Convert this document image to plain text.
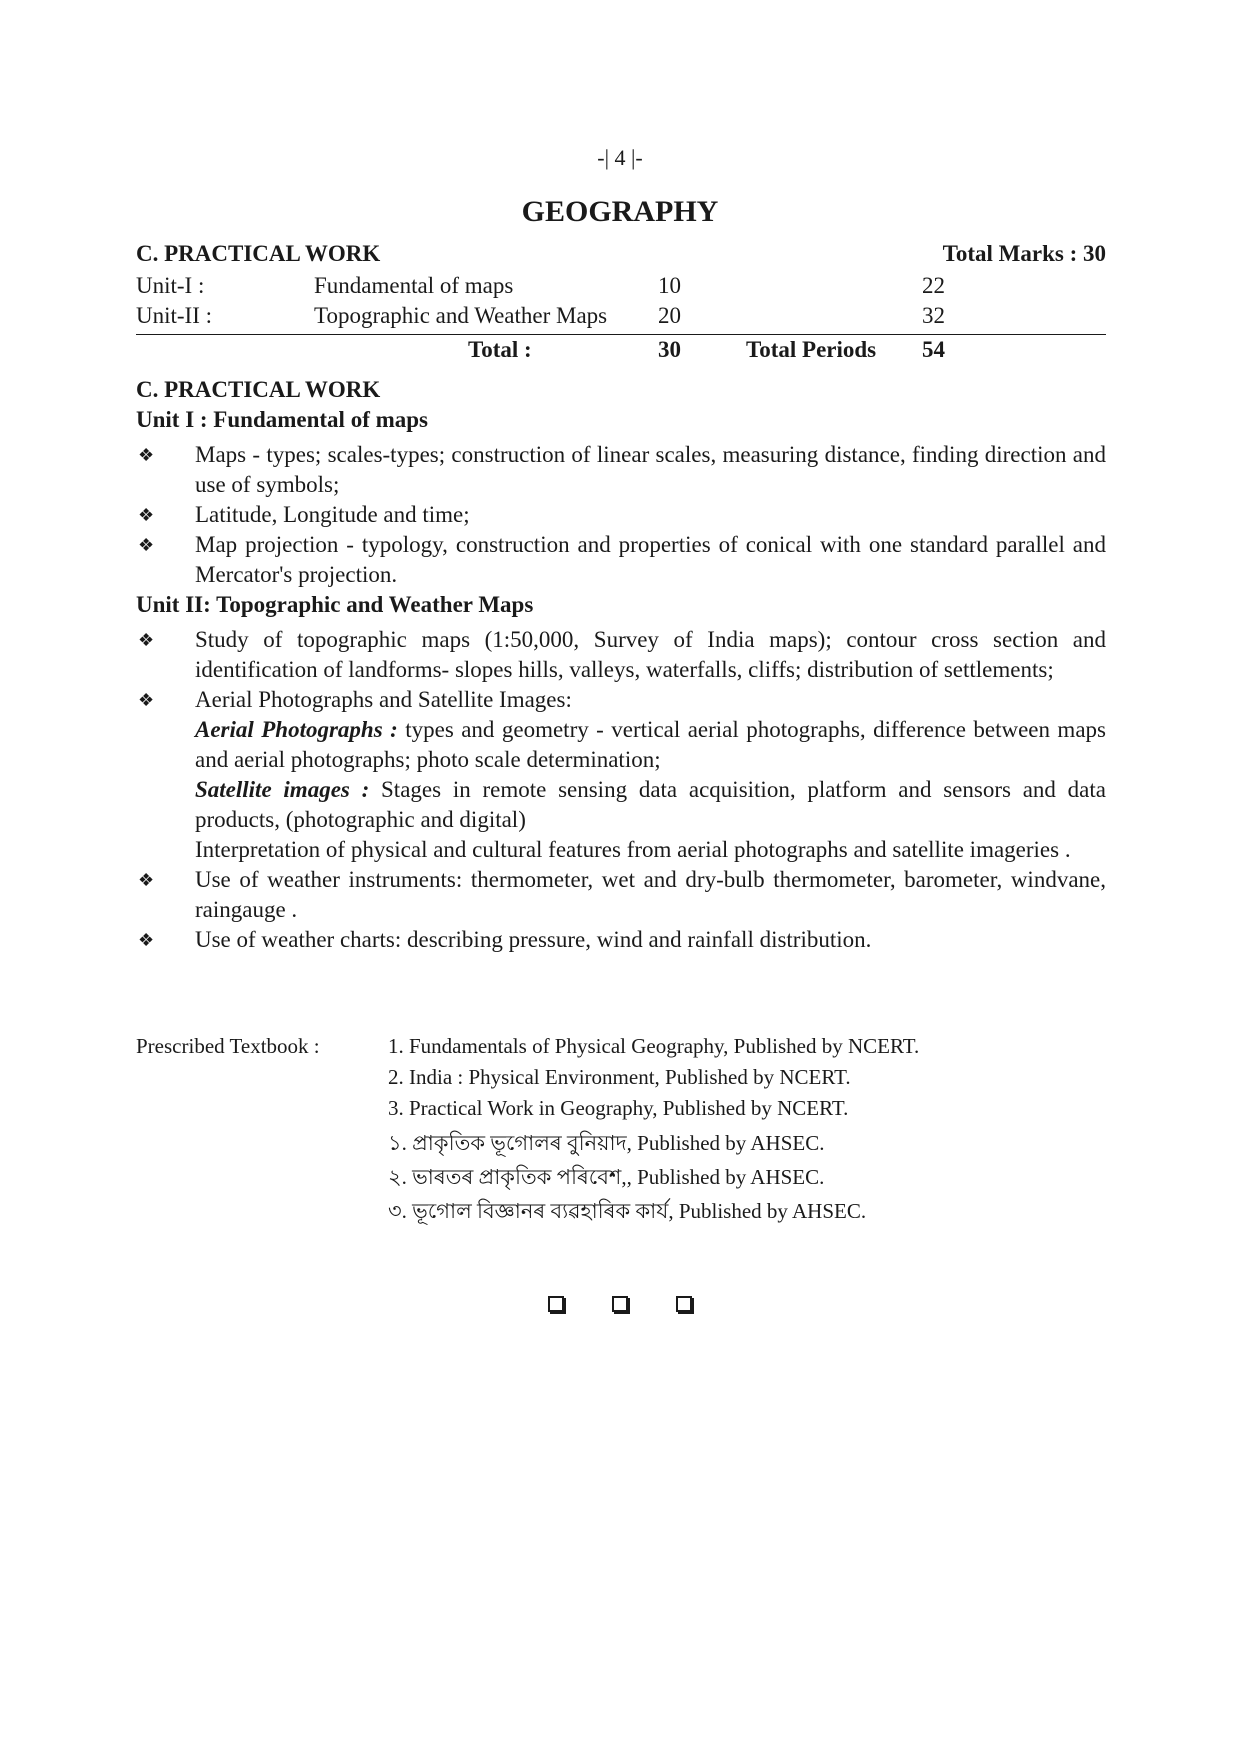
-| 4 |-
GEOGRAPHY
C. PRACTICAL WORK	Total Marks : 30
Unit-I :	Fundamental of maps	10	22
Unit-II :	Topographic and Weather Maps 20	32
Total :	30	Total Periods 54
C. PRACTICAL WORK
Unit I : Fundamental of maps
❖ Maps - types; scales-types; construction of linear scales, measuring distance, finding direction and use of symbols;
❖ Latitude, Longitude and time;
❖ Map projection - typology, construction and properties of conical with one standard parallel and Mercator's projection.
Unit II: Topographic and Weather Maps
❖ Study of topographic maps (1:50,000, Survey of India maps); contour cross section and identification of landforms- slopes hills, valleys, waterfalls, cliffs; distribution of settlements;
❖ Aerial Photographs and Satellite Images:
Aerial Photographs : types and geometry - vertical aerial photographs, difference between maps and aerial photographs; photo scale determination;
Satellite images : Stages in remote sensing data acquisition, platform and sensors and data products, (photographic and digital)
Interpretation of physical and cultural features from aerial photographs and satellite imageries .
❖ Use of weather instruments: thermometer, wet and dry-bulb thermometer, barometer, windvane, raingauge .
❖ Use of weather charts: describing pressure, wind and rainfall distribution.
Prescribed Textbook :	1. Fundamentals of Physical Geography, Published by NCERT.
2. India : Physical Environment, Published by NCERT.
3. Practical Work in Geography, Published by NCERT.
১. প্ৰাকৃতিক ভূগোলৰ বুনিয়াদ, Published by AHSEC.
২. ভাৰতৰ প্ৰাকৃতিক পৰিবেশ,, Published by AHSEC.
৩. ভূগোল বিজ্ঞানৰ ব্যৱহাৰিক কাৰ্য, Published by AHSEC.
